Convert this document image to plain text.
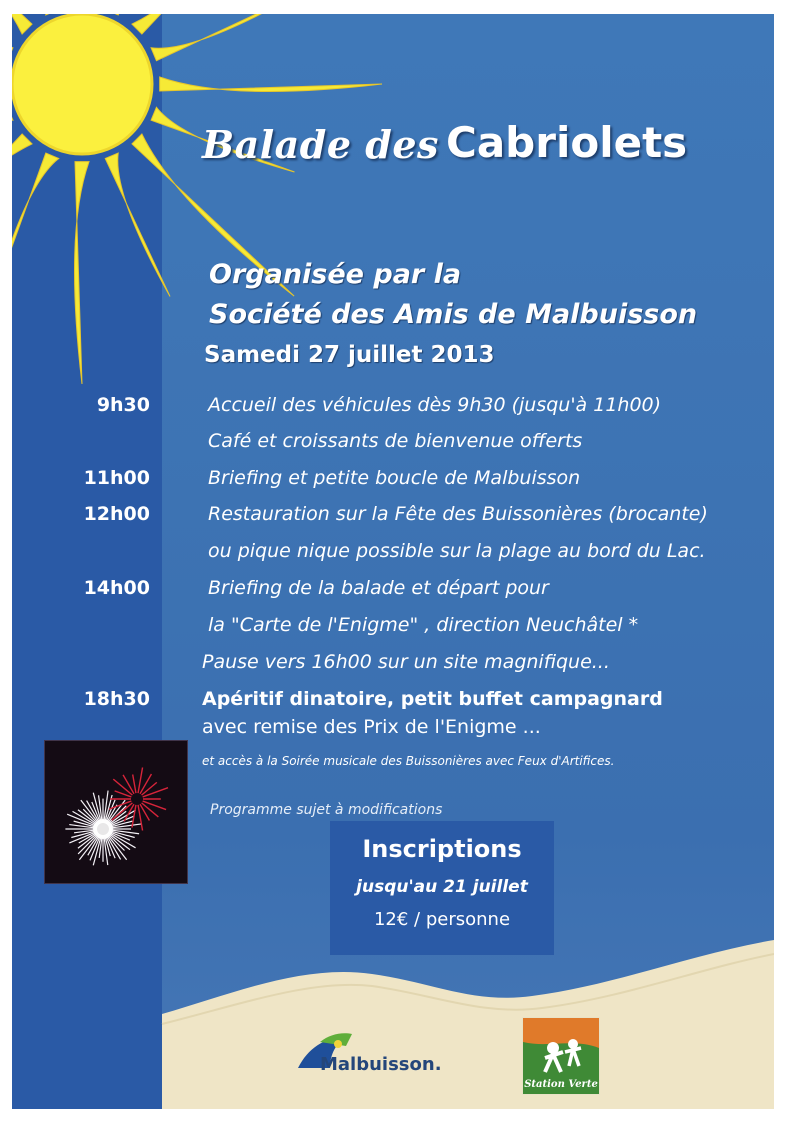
Balade des Cabriolets
Organisée par la
Société des Amis de Malbuisson
Samedi 27 juillet 2013
9h30
11h00
12h00
14h00
18h30
Accueil des véhicules dès 9h30 (jusqu'à 11h00)
Café et croissants de bienvenue offerts
Briefing et petite boucle de Malbuisson
Restauration sur la Fête des Buissonières (brocante)
ou pique nique possible sur la plage au bord du Lac.
Briefing de la balade et départ pour
la "Carte de l'Enigme" , direction Neuchâtel *
Pause vers 16h00 sur un site magnifique...
Apéritif dinatoire, petit buffet campagnard
avec remise des Prix de l'Enigme ...
et accès à la Soirée musicale des Buissonières avec Feux d'Artifices.
Programme sujet à modifications
Inscriptions
jusqu'au 21 juillet
12€ / personne
Malbuisson.
Station Verte
